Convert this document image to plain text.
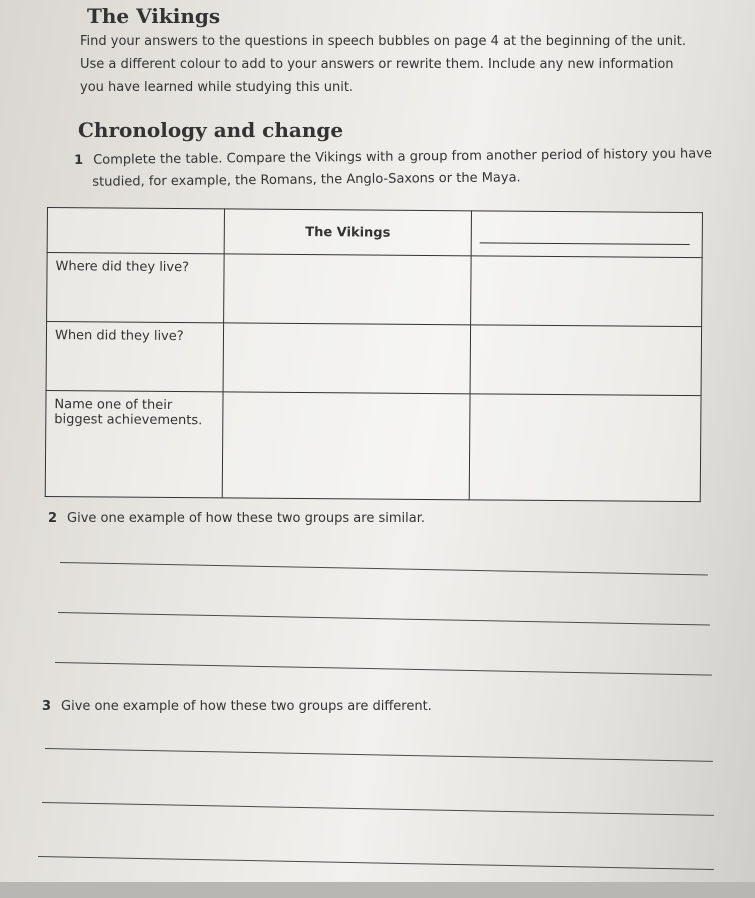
The Vikings

Find your answers to the questions in speech bubbles on page 4 at the beginning of the unit.

Use a different colour to add to your answers or rewrite them. Include any new information

you have learned while studying this unit.

Chronology and change
1 Complete the table. Compare the Vikings with a group from another period of history you have
studied, for example, the Romans, the Anglo-Saxons or the Maya.
	The Vikings	

Where did they live?		
When did they live?		
Name one of their biggest achievements.		
2 Give one example of how these two groups are similar.
3 Give one example of how these two groups are different.
